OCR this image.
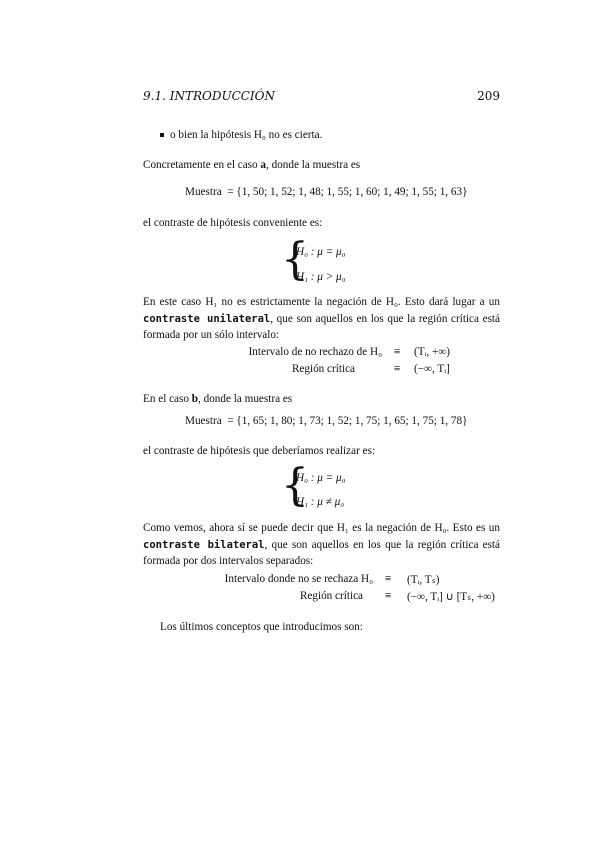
9.1. INTRODUCCIÓN	209
o bien la hipótesis H₀ no es cierta.
Concretamente en el caso a, donde la muestra es
Muestra = {1, 50; 1, 52; 1, 48; 1, 55; 1, 60; 1, 49; 1, 55; 1, 63}
el contraste de hipótesis conveniente es:
{
H₀ : μ = μ₀
H₁ : μ > μ₀
En este caso H₁ no es estrictamente la negación de H₀. Esto dará lugar a un contraste unilateral, que son aquellos en los que la región crítica está formada por un sólo intervalo:
Intervalo de no rechazo de H₀ ≡ (Tᵢ, +∞)
Región crítica	≡ (−∞, Tᵢ]
En el caso b, donde la muestra es
Muestra = {1, 65; 1, 80; 1, 73; 1, 52; 1, 75; 1, 65; 1, 75; 1, 78}
el contraste de hipótesis que deberíamos realizar es:
{
H₀ : μ = μ₀
H₁ : μ ≠ μ₀
Como vemos, ahora sí se puede decir que H₁ es la negación de H₀. Esto es un contraste bilateral, que son aquellos en los que la región crítica está formada por dos intervalos separados:
Intervalo donde no se rechaza H₀ ≡ (Tᵢ, Tₛ)
Región crítica ≡ (−∞, Tᵢ] ∪ [Tₛ, +∞)
Los últimos conceptos que introducimos son:
